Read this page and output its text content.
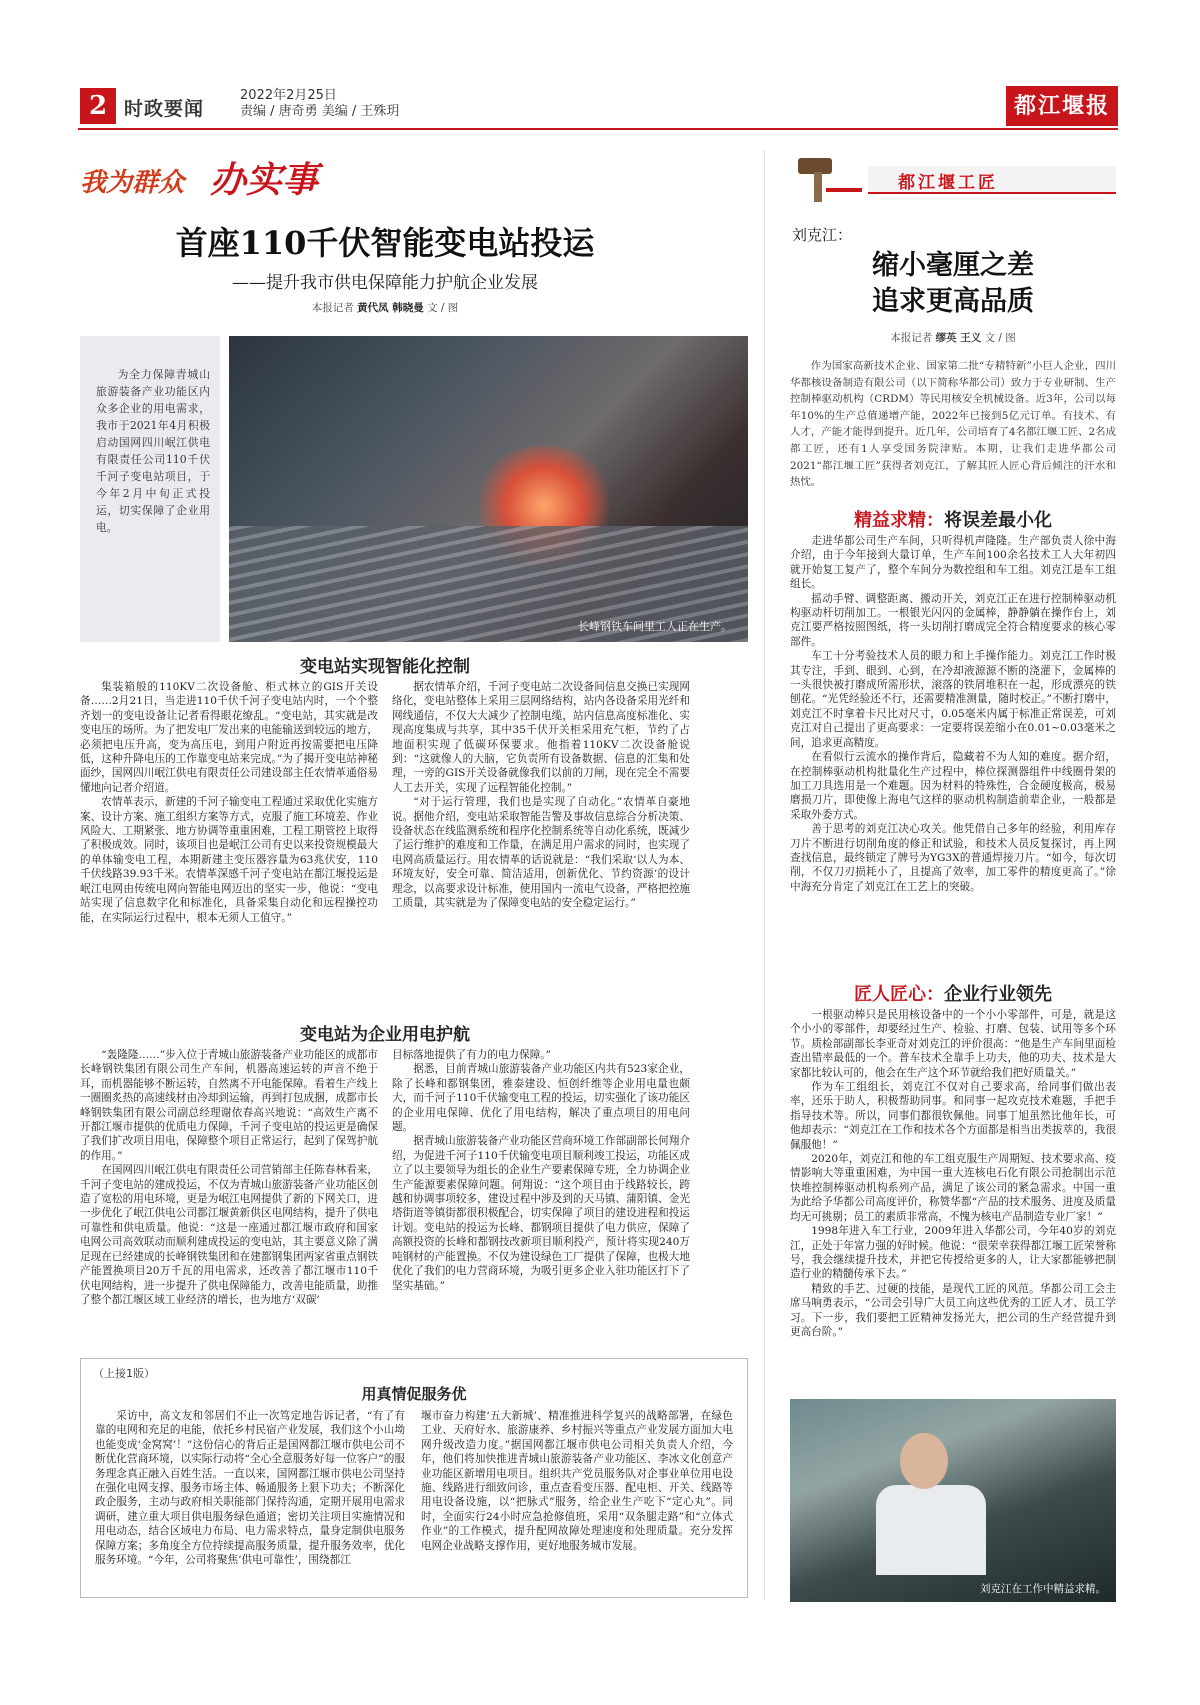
2 时政要闻
2022年2月25日
责编 / 唐奇勇 美编 / 王殊玥	都江堰报
我为群众 办实事
首座110千伏智能变电站投运
——提升我市供电保障能力护航企业发展
本报记者 黄代凤 韩晓曼 文 / 图

为全力保障青城山旅游装备产业功能区内众多企业的用电需求，我市于2021年4月积极启动国网四川岷江供电有限责任公司110千伏千河子变电站项目，于今年2月中旬正式投运，切实保障了企业用电。

长峰钢铁车间里工人正在生产。
变电站实现智能化控制

集装箱般的110KV二次设备舱、柜式林立的GIS开关设备……2月21日，当走进110千伏千河子变电站内时，一个个整齐划一的变电设备让记者看得眼花缭乱。“变电站，其实就是改变电压的场所。为了把发电厂发出来的电能输送到较远的地方，必须把电压升高，变为高压电，到用户附近再按需要把电压降低，这种升降电压的工作靠变电站来完成。”为了揭开变电站神秘面纱，国网四川岷江供电有限责任公司建设部主任农情革通俗易懂地向记者介绍道。

农情革表示，新建的千河子输变电工程通过采取优化实施方案、设计方案、施工组织方案等方式，克服了施工环境差、作业风险大、工期紧张、地方协调等重重困难，工程工期管控上取得了积极成效。同时，该项目也是岷江公司有史以来投资规模最大的单体输变电工程，本期新建主变压器容量为63兆伏安，110千伏线路39.93千米。农情革深感千河子变电站在都江堰投运是岷江电网由传统电网向智能电网迈出的坚实一步，他说：“变电站实现了信息数字化和标准化，具备采集自动化和远程操控功能，在实际运行过程中，根本无须人工值守。”

据农情革介绍，千河子变电站二次设备间信息交换已实现网络化，变电站整体上采用三层网络结构，站内各设备采用光纤和网线通信，不仅大大减少了控制电缆，站内信息高度标准化、实现高度集成与共享，其中35千伏开关柜采用充气柜，节约了占地面积实现了低碳环保要求。他指着110KV二次设备舱说到：“这就像人的大脑，它负责所有设备数据、信息的汇集和处理，一旁的GIS开关设备就像我们以前的刀闸，现在完全不需要人工去开关，实现了远程智能化控制。”

“对于运行管理，我们也是实现了自动化。”农情革自豪地说。据他介绍，变电站采取智能告警及事故信息综合分析决策、设备状态在线监测系统和程序化控制系统等自动化系统，既减少了运行维护的难度和工作量，在满足用户需求的同时，也实现了电网高质量运行。用农情革的话说就是：“我们采取‘以人为本、环境友好，安全可靠、简洁适用，创新优化、节约资源’的设计理念，以高要求设计标准，使用国内一流电气设备，严格把控施工质量，其实就是为了保障变电站的安全稳定运行。”

变电站为企业用电护航

“轰隆隆……”步入位于青城山旅游装备产业功能区的成都市长峰钢铁集团有限公司生产车间，机器高速运转的声音不绝于耳，而机器能够不断运转，自然离不开电能保障。看着生产线上一圈圈炙热的高速线材由冷却到运输，再到打包成捆，成都市长峰钢铁集团有限公司副总经理谢依春高兴地说：“高效生产离不开都江堰市提供的优质电力保障，千河子变电站的投运更是确保了我们扩改项目用电，保障整个项目正常运行，起到了保驾护航的作用。”

在国网四川岷江供电有限责任公司营销部主任陈春林看来，千河子变电站的建成投运，不仅为青城山旅游装备产业功能区创造了宽松的用电环境，更是为岷江电网提供了新的下网关口，进一步优化了岷江供电公司都江堰黄新供区电网结构，提升了供电可靠性和供电质量。他说：“这是一座通过都江堰市政府和国家电网公司高效联动而顺利建成投运的变电站，其主要意义除了满足现在已经建成的长峰钢铁集团和在建都钢集团两家省重点钢铁产能置换项目20万千瓦的用电需求，还改善了都江堰市110千伏电网结构，进一步提升了供电保障能力，改善电能质量，助推了整个都江堰区域工业经济的增长，也为地方‘双碳’

目标落地提供了有力的电力保障。”

据悉，目前青城山旅游装备产业功能区内共有523家企业，除了长峰和都钢集团，雅泰建设、恒创纤维等企业用电量也颇大，而千河子110千伏输变电工程的投运，切实强化了该功能区的企业用电保障、优化了用电结构，解决了重点项目的用电问题。

据青城山旅游装备产业功能区营商环境工作部副部长何翔介绍，为促进千河子110千伏输变电项目顺利竣工投运，功能区成立了以主要领导为组长的企业生产要素保障专班，全力协调企业生产能源要素保障问题。何翔说：“这个项目由于线路较长，跨越和协调事项较多，建设过程中涉及到的天马镇、蒲阳镇、金光塔街道等镇街都很积极配合，切实保障了项目的建设进程和投运计划。变电站的投运为长峰、都钢项目提供了电力供应，保障了高额投资的长峰和都钢技改新项目顺利投产，预计将实现240万吨钢材的产能置换。不仅为建设绿色工厂提供了保障，也极大地优化了我们的电力营商环境，为吸引更多企业入驻功能区打下了坚实基础。”

（上接1版）
用真情促服务优

采访中，高文友和邻居们不止一次笃定地告诉记者，“有了有靠的电网和充足的电能，依托乡村民宿产业发展，我们这个小山坳也能变成‘金窝窝’！”这份信心的背后正是国网都江堰市供电公司不断优化营商环境，以实际行动将“全心全意服务好每一位客户”的服务理念真正融入百姓生活。一直以来，国网都江堰市供电公司坚持在强化电网支撑、服务市场主体、畅通服务上狠下功夫；不断深化政企服务，主动与政府相关职能部门保持沟通，定期开展用电需求调研，建立重大项目供电服务绿色通道；密切关注项目实施情况和用电动态，结合区域电力布局、电力需求特点，量身定制供电服务保障方案；多角度全方位持续提高服务质量，提升服务效率，优化服务环境。“今年，公司将聚焦‘供电可靠性’，围绕都江

堰市奋力构建‘五大新城’、精准推进科学复兴的战略部署，在绿色工业、天府好水、旅游康养、乡村振兴等重点产业发展方面加大电网升级改造力度。”据国网都江堰市供电公司相关负责人介绍，今年，他们将加快推进青城山旅游装备产业功能区、李冰文化创意产业功能区新增用电项目。组织共产党员服务队对企事业单位用电设施、线路进行细致问诊，重点查看变压器、配电柜、开关、线路等用电设备设施，以“把脉式”服务，给企业生产吃下“定心丸”。同时，全面实行24小时应急抢修值班，采用“双条腿走路”和“立体式作业”的工作模式，提升配网故障处理速度和处理质量。充分发挥电网企业战略支撑作用，更好地服务城市发展。

都江堰工匠
刘克江：
缩小毫厘之差
追求更高品质
本报记者 缪英 王义 文 / 图

作为国家高新技术企业、国家第二批“专精特新”小巨人企业，四川华都核设备制造有限公司（以下简称华都公司）致力于专业研制、生产控制棒驱动机构（CRDM）等民用核安全机械设备。近3年，公司以每年10%的生产总值递增产能，2022年已接到5亿元订单。有技术、有人才，产能才能得到提升。近几年，公司培育了4名都江堰工匠、2名成都工匠，还有1人享受国务院津贴。本期，让我们走进华都公司2021“都江堰工匠”获得者刘克江，了解其匠人匠心背后倾注的汗水和热忱。

精益求精：将误差最小化

走进华都公司生产车间，只听得机声隆隆。生产部负责人徐中海介绍，由于今年接到大量订单，生产车间100余名技术工人大年初四就开始复工复产了，整个车间分为数控组和车工组。刘克江是车工组组长。

摇动手臂、调整距离、搬动开关，刘克江正在进行控制棒驱动机构驱动杆切削加工。一根银光闪闪的金属棒，静静躺在操作台上，刘克江要严格按照图纸，将一头切削打磨成完全符合精度要求的核心零部件。

车工十分考验技术人员的眼力和上手操作能力。刘克江工作时极其专注，手到、眼到、心到，在冷却液源源不断的浇灌下，金属棒的一头很快被打磨成所需形状，滚落的铁屑堆积在一起，形成漂亮的铁刨花。“光凭经验还不行，还需要精准测量，随时校正。”不断打磨中，刘克江不时拿着卡尺比对尺寸，0.05毫米内属于标准正常误差，可刘克江对自己提出了更高要求：一定要将误差缩小在0.01~0.03毫米之间，追求更高精度。

在看似行云流水的操作背后，隐藏着不为人知的难度。据介绍，在控制棒驱动机构批量化生产过程中，棒位探测器组件中线圈骨架的加工刀具选用是一个难题。因为材料的特殊性，合金硬度极高，极易磨损刀片，即使像上海电气这样的驱动机构制造前辈企业，一般都是采取外委方式。

善于思考的刘克江决心攻关。他凭借自己多年的经验，利用库存刀片不断进行切削角度的修正和试验，和技术人员反复探讨，再上网查找信息，最终锁定了牌号为YG3X的普通焊接刀片。“如今，每次切削，不仅刀刃损耗小了，且提高了效率，加工零件的精度更高了。”徐中海充分肯定了刘克江在工艺上的突破。

匠人匠心：企业行业领先

一根驱动棒只是民用核设备中的一个小小零部件，可是，就是这个小小的零部件，却要经过生产、检验、打磨、包装、试用等多个环节。质检部副部长李亚奇对刘克江的评价很高：“他是生产车间里面检查出错率最低的一个。普车技术全靠手上功夫，他的功夫、技术是大家都比较认可的，他会在生产这个环节就给我们把好质量关。”

作为车工组组长，刘克江不仅对自己要求高，给同事们做出表率，还乐于助人，积极帮助同事。和同事一起攻克技术难题，手把手指导技术等。所以，同事们都很钦佩他。同事丁旭虽然比他年长，可他却表示：“刘克江在工作和技术各个方面都是相当出类拔萃的，我很佩服他！”

2020年，刘克江和他的车工组克服生产周期短、技术要求高、疫情影响大等重重困难，为中国一重大连核电石化有限公司抢制出示范快堆控制棒驱动机构系列产品，满足了该公司的紧急需求。中国一重为此给予华都公司高度评价，称赞华都“产品的技术服务、进度及质量均无可挑剔；员工的素质非常高，不愧为核电产品制造专业厂家！”

1998年进入车工行业，2009年进入华都公司，今年40岁的刘克江，正处于年富力强的好时候。他说：“很荣幸获得都江堰工匠荣誉称号，我会继续提升技术，并把它传授给更多的人，让大家都能够把制造行业的精髓传承下去。”

精致的手艺、过硬的技能，是现代工匠的风范。华都公司工会主席马响勇表示，“公司会引导广大员工向这些优秀的工匠人才、员工学习。下一步，我们要把工匠精神发扬光大，把公司的生产经营提升到更高台阶。”

刘克江在工作中精益求精。
